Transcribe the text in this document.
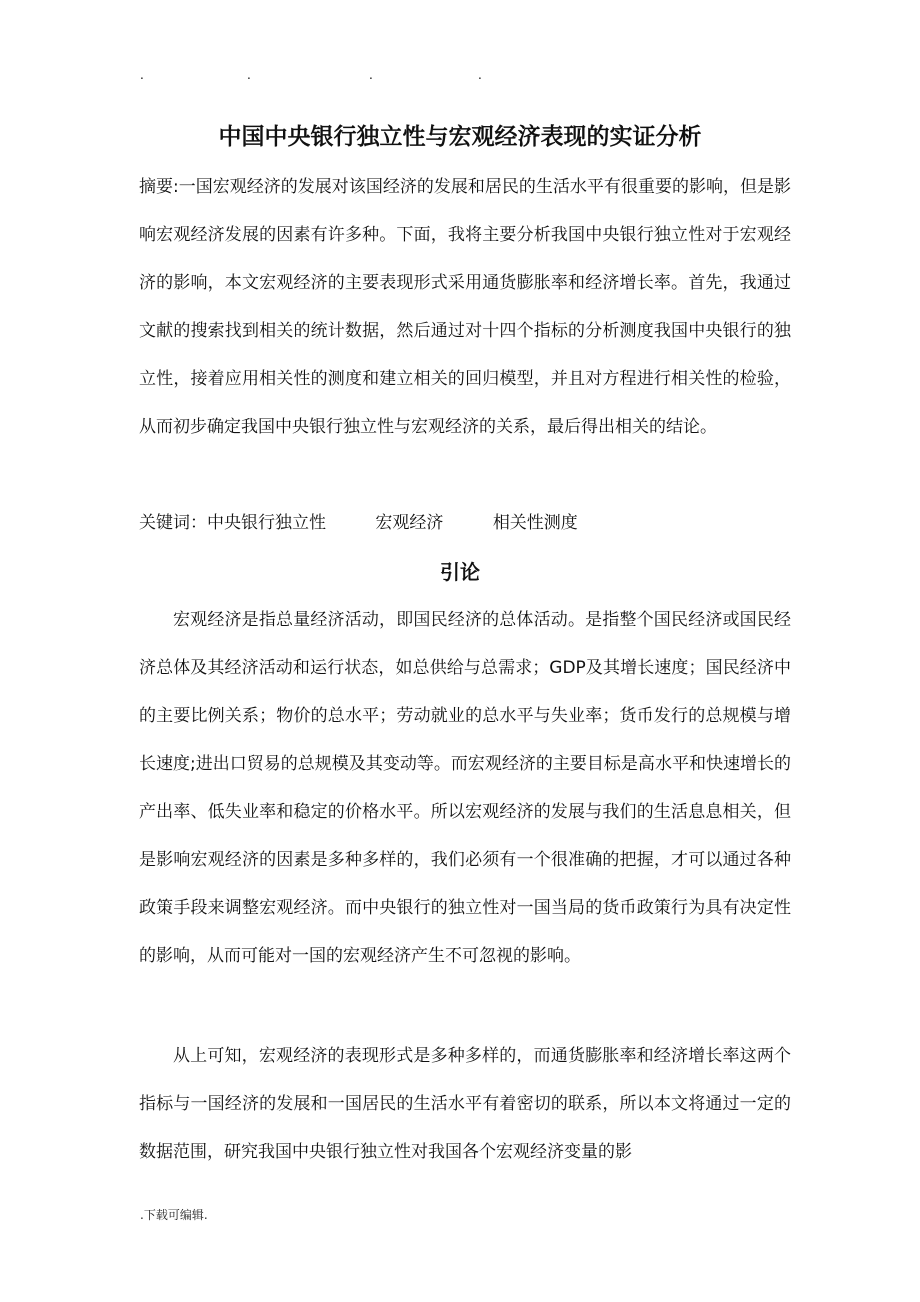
.	.	.	.
中国中央银行独立性与宏观经济表现的实证分析

摘要:一国宏观经济的发展对该国经济的发展和居民的生活水平有很重要的影响，但是影响宏观经济发展的因素有许多种。下面，我将主要分析我国中央银行独立性对于宏观经济的影响，本文宏观经济的主要表现形式采用通货膨胀率和经济增长率。首先，我通过文献的搜索找到相关的统计数据，然后通过对十四个指标的分析测度我国中央银行的独立性，接着应用相关性的测度和建立相关的回归模型，并且对方程进行相关性的检验，从而初步确定我国中央银行独立性与宏观经济的关系，最后得出相关的结论。

关键词：中央银行独立性	宏观经济	相关性测度
引论

宏观经济是指总量经济活动，即国民经济的总体活动。是指整个国民经济或国民经济总体及其经济活动和运行状态，如总供给与总需求；GDP及其增长速度；国民经济中的主要比例关系；物价的总水平；劳动就业的总水平与失业率；货币发行的总规模与增长速度;进出口贸易的总规模及其变动等。而宏观经济的主要目标是高水平和快速增长的产出率、低失业率和稳定的价格水平。所以宏观经济的发展与我们的生活息息相关，但是影响宏观经济的因素是多种多样的，我们必须有一个很准确的把握，才可以通过各种政策手段来调整宏观经济。而中央银行的独立性对一国当局的货币政策行为具有决定性的影响，从而可能对一国的宏观经济产生不可忽视的影响。

从上可知，宏观经济的表现形式是多种多样的，而通货膨胀率和经济增长率这两个指标与一国经济的发展和一国居民的生活水平有着密切的联系，所以本文将通过一定的数据范围，研究我国中央银行独立性对我国各个宏观经济变量的影

.下载可编辑.
